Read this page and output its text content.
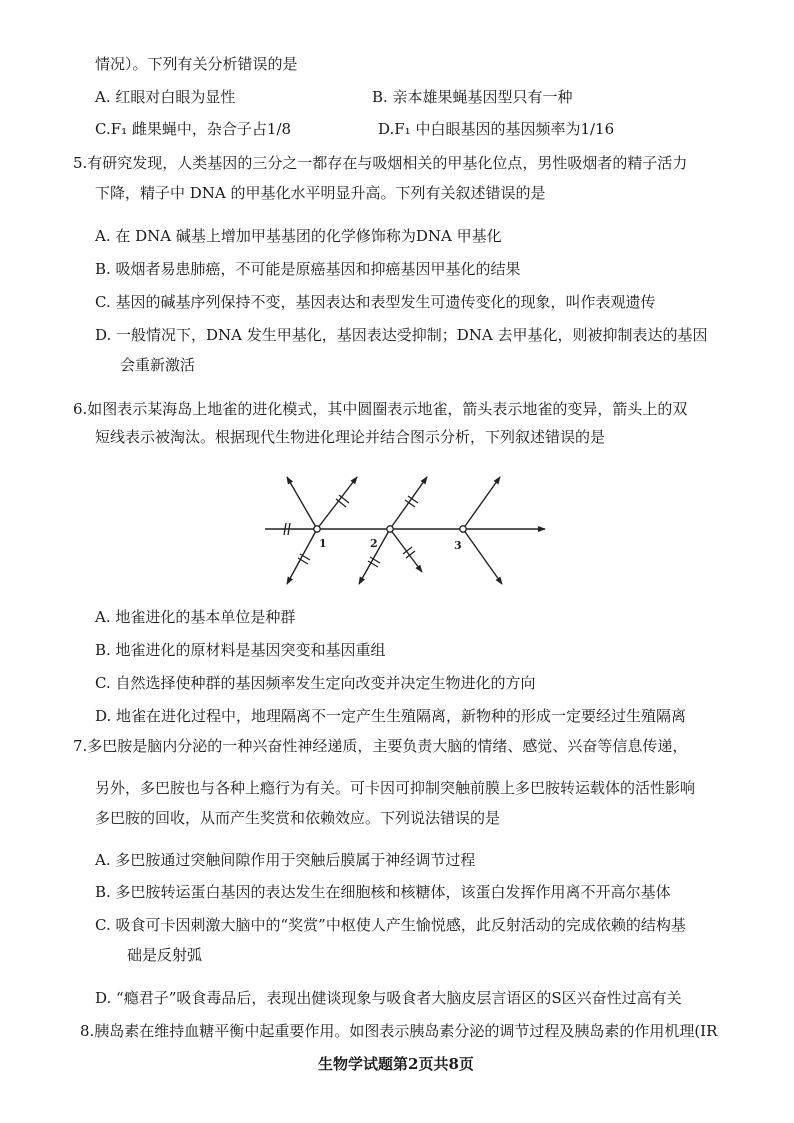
情况）。下列有关分析错误的是
A. 红眼对白眼为显性	B. 亲本雄果蝇基因型只有一种
C.F₁ 雌果蝇中，杂合子占1/8	D.F₁ 中白眼基因的基因频率为1/16
5.有研究发现，人类基因的三分之一都存在与吸烟相关的甲基化位点，男性吸烟者的精子活力
下降，精子中 DNA 的甲基化水平明显升高。下列有关叙述错误的是
A. 在 DNA 碱基上增加甲基基团的化学修饰称为DNA 甲基化
B. 吸烟者易患肺癌，不可能是原癌基因和抑癌基因甲基化的结果
C. 基因的碱基序列保持不变，基因表达和表型发生可遗传变化的现象，叫作表观遗传
D. 一般情况下，DNA 发生甲基化，基因表达受抑制；DNA 去甲基化，则被抑制表达的基因
会重新激活
6.如图表示某海岛上地雀的进化模式，其中圆圈表示地雀，箭头表示地雀的变异，箭头上的双
短线表示被淘汰。根据现代生物进化理论并结合图示分析，下列叙述错误的是
1	2	3
A. 地雀进化的基本单位是种群
B. 地雀进化的原材料是基因突变和基因重组
C. 自然选择使种群的基因频率发生定向改变并决定生物进化的方向
D. 地雀在进化过程中，地理隔离不一定产生生殖隔离，新物种的形成一定要经过生殖隔离
7.多巴胺是脑内分泌的一种兴奋性神经递质，主要负责大脑的情绪、感觉、兴奋等信息传递，
另外，多巴胺也与各种上瘾行为有关。可卡因可抑制突触前膜上多巴胺转运载体的活性影响
多巴胺的回收，从而产生奖赏和依赖效应。下列说法错误的是
A. 多巴胺通过突触间隙作用于突触后膜属于神经调节过程
B. 多巴胺转运蛋白基因的表达发生在细胞核和核糖体，该蛋白发挥作用离不开高尔基体
C. 吸食可卡因刺激大脑中的“奖赏”中枢使人产生愉悦感，此反射活动的完成依赖的结构基
础是反射弧
D. “瘾君子”吸食毒品后，表现出健谈现象与吸食者大脑皮层言语区的S区兴奋性过高有关
8.胰岛素在维持血糖平衡中起重要作用。如图表示胰岛素分泌的调节过程及胰岛素的作用机理(IR
生物学试题第2页共8页
